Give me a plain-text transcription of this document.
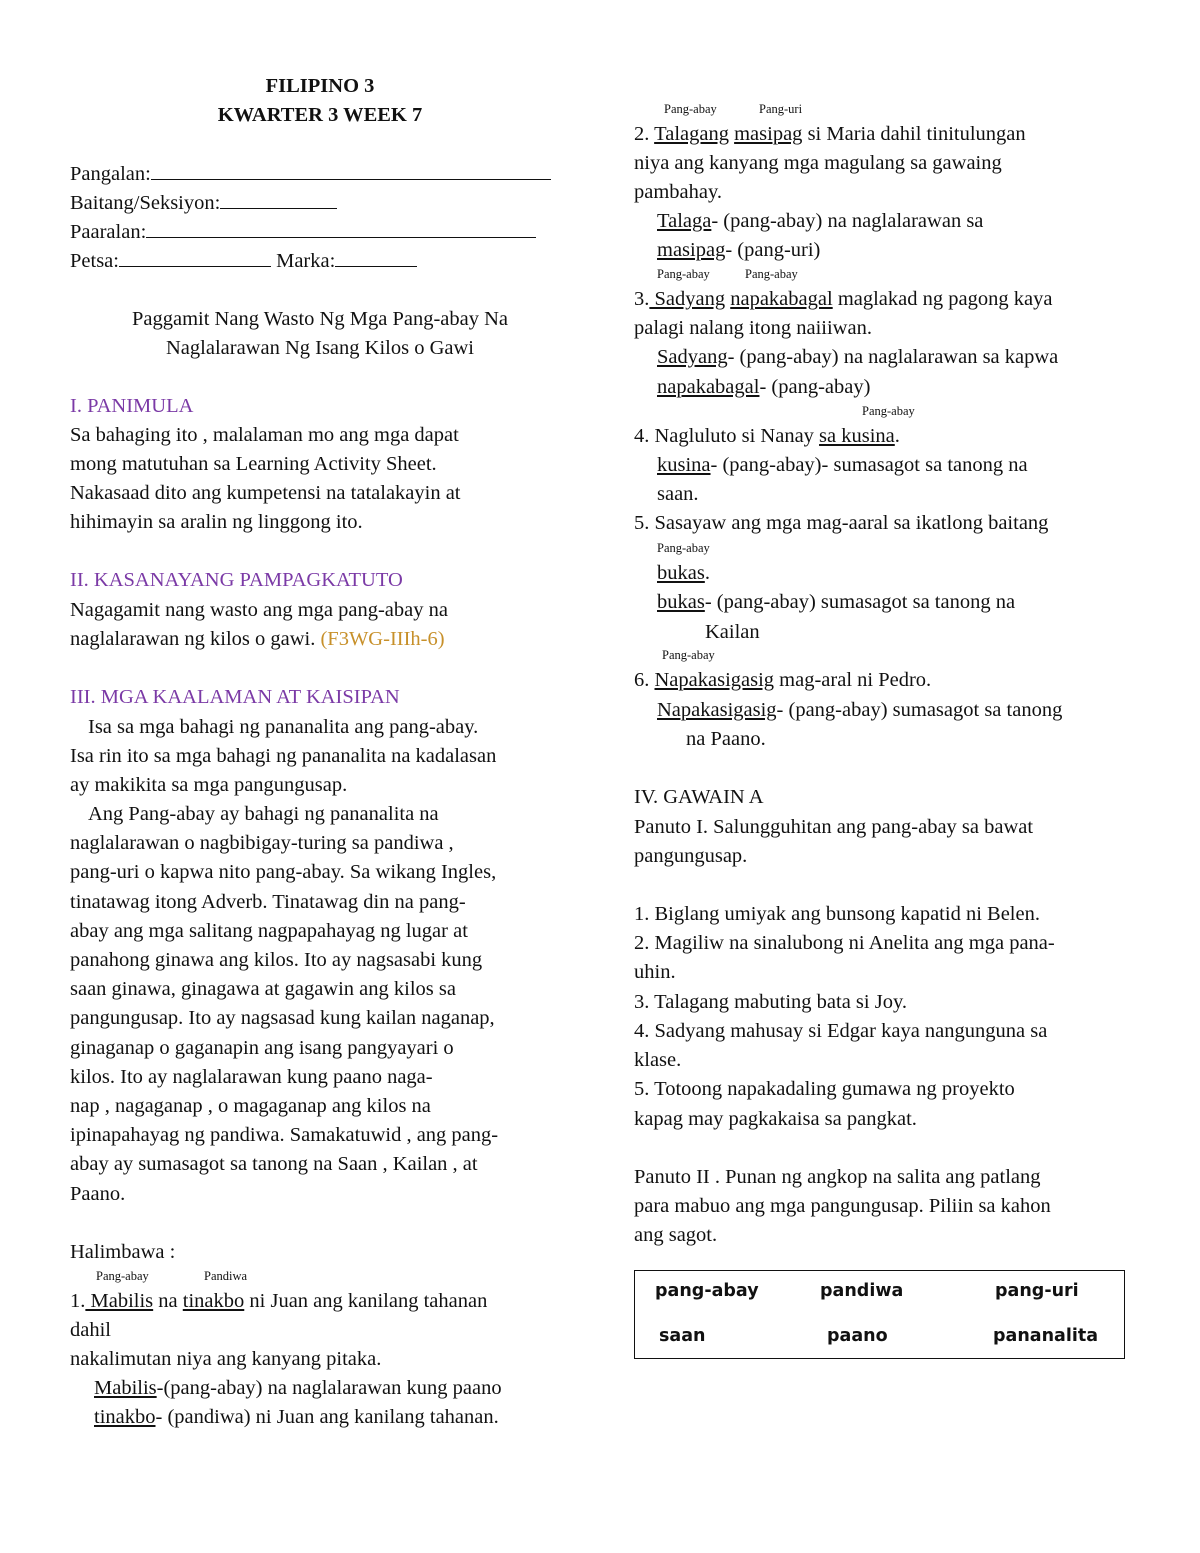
FILIPINO 3
KWARTER 3 WEEK 7
Pangalan:
Baitang/Seksiyon:
Paaralan:
Petsa:	Marka:
Paggamit Nang Wasto Ng Mga Pang-abay Na
Naglalarawan Ng Isang Kilos o Gawi
I. PANIMULA
Sa bahaging ito , malalaman mo ang mga dapat
mong matutuhan sa Learning Activity Sheet.
Nakasaad dito ang kumpetensi na tatalakayin at
hihimayin sa aralin ng linggong ito.
II. KASANAYANG PAMPAGKATUTO
Nagagamit nang wasto ang mga pang-abay na
naglalarawan ng kilos o gawi. (F3WG-IIIh-6)
III. MGA KAALAMAN AT KAISIPAN
Isa sa mga bahagi ng pananalita ang pang-abay.
Isa rin ito sa mga bahagi ng pananalita na kadalasan
ay makikita sa mga pangungusap.
Ang Pang-abay ay bahagi ng pananalita na
naglalarawan o nagbibigay-turing sa pandiwa ,
pang-uri o kapwa nito pang-abay. Sa wikang Ingles,
tinatawag itong Adverb. Tinatawag din na pang-
abay ang mga salitang nagpapahayag ng lugar at
panahong ginawa ang kilos. Ito ay nagsasabi kung
saan ginawa, ginagawa at gagawin ang kilos sa
pangungusap. Ito ay nagsasad kung kailan naganap,
ginaganap o gaganapin ang isang pangyayari o
kilos. Ito ay naglalarawan kung paano naga-
nap , nagaganap , o magaganap ang kilos na
ipinapahayag ng pandiwa. Samakatuwid , ang pang-
abay ay sumasagot sa tanong na Saan , Kailan , at
Paano.
Halimbawa :
Pang-abay	Pandiwa
1. Mabilis na tinakbo ni Juan ang kanilang tahanan
dahil
nakalimutan niya ang kanyang pitaka.
Mabilis-(pang-abay) na naglalarawan kung paano
tinakbo- (pandiwa) ni Juan ang kanilang tahanan.
Pang-abay	Pang-uri
2. Talagang masipag si Maria dahil tinitulungan
niya ang kanyang mga magulang sa gawaing
pambahay.
Talaga- (pang-abay) na naglalarawan sa
masipag- (pang-uri)
Pang-abay	Pang-abay
3. Sadyang napakabagal maglakad ng pagong kaya
palagi nalang itong naiiiwan.
Sadyang- (pang-abay) na naglalarawan sa kapwa
napakabagal- (pang-abay)
Pang-abay
4. Nagluluto si Nanay sa kusina.
kusina- (pang-abay)- sumasagot sa tanong na
saan.
5. Sasayaw ang mga mag-aaral sa ikatlong baitang
Pang-abay
bukas.
bukas- (pang-abay) sumasagot sa tanong na
Kailan
Pang-abay
6. Napakasigasig mag-aral ni Pedro.
Napakasigasig- (pang-abay) sumasagot sa tanong
na Paano.
IV. GAWAIN A
Panuto I. Salungguhitan ang pang-abay sa bawat
pangungusap.
1. Biglang umiyak ang bunsong kapatid ni Belen.
2. Magiliw na sinalubong ni Anelita ang mga pana-
uhin.
3. Talagang mabuting bata si Joy.
4. Sadyang mahusay si Edgar kaya nangunguna sa
klase.
5. Totoong napakadaling gumawa ng proyekto
kapag may pagkakaisa sa pangkat.
Panuto II . Punan ng angkop na salita ang patlang
para mabuo ang mga pangungusap. Piliin sa kahon
ang sagot.
pang-abay	pandiwa	pang-uri
saan	paano	pananalita
